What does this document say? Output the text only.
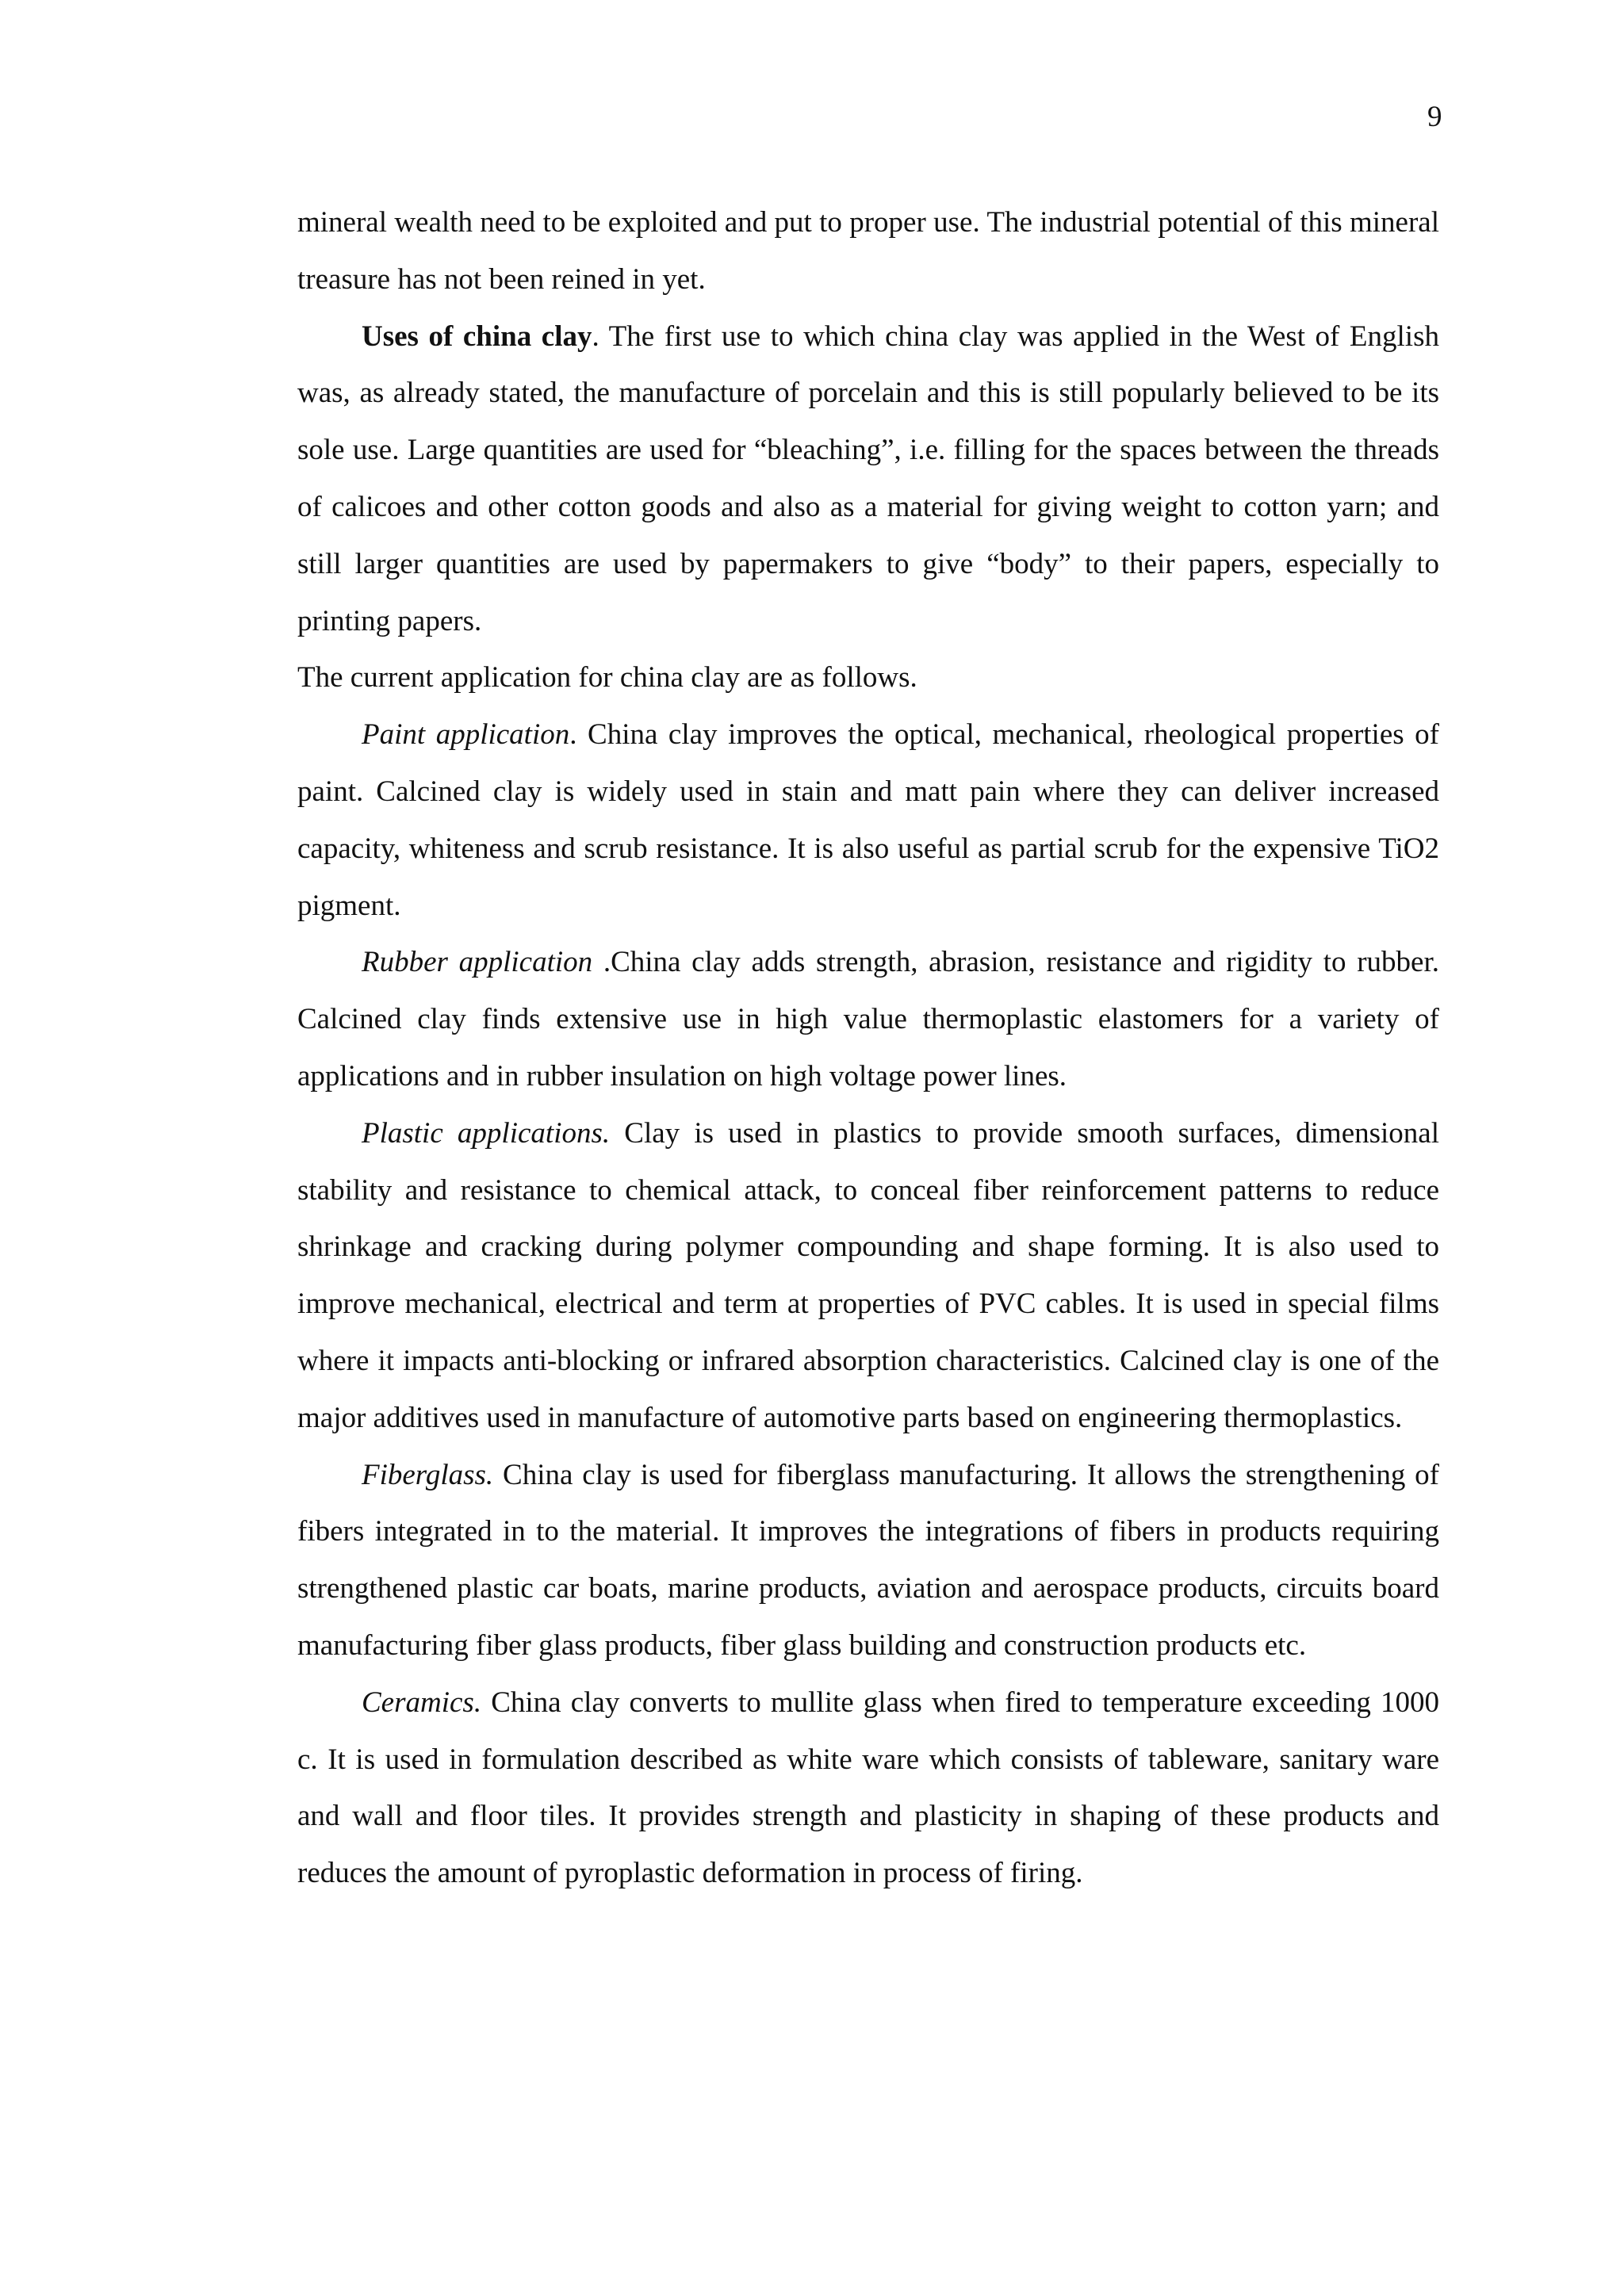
9

mineral wealth need to be exploited and put to proper use. The industrial potential of this mineral treasure has not been reined in yet.

Uses of china clay. The first use to which china clay was applied in the West of English was, as already stated, the manufacture of porcelain and this is still popularly believed to be its sole use. Large quantities are used for “bleaching”, i.e. filling for the spaces between the threads of calicoes and other cotton goods and also as a material for giving weight to cotton yarn; and still larger quantities are used by papermakers to give “body” to their papers, especially to printing papers.

The current application for china clay are as follows.

Paint application. China clay improves the optical, mechanical, rheological properties of paint. Calcined clay is widely used in stain and matt pain where they can deliver increased capacity, whiteness and scrub resistance. It is also useful as partial scrub for the expensive TiO2 pigment.

Rubber application .China clay adds strength, abrasion, resistance and rigidity to rubber. Calcined clay finds extensive use in high value thermoplastic elastomers for a variety of applications and in rubber insulation on high voltage power lines.

Plastic applications. Clay is used in plastics to provide smooth surfaces, dimensional stability and resistance to chemical attack, to conceal fiber reinforcement patterns to reduce shrinkage and cracking during polymer compounding and shape forming. It is also used to improve mechanical, electrical and term at properties of PVC cables. It is used in special films where it impacts anti-blocking or infrared absorption characteristics. Calcined clay is one of the major additives used in manufacture of automotive parts based on engineering thermoplastics.

Fiberglass. China clay is used for fiberglass manufacturing. It allows the strengthening of fibers integrated in to the material. It improves the integrations of fibers in products requiring strengthened plastic car boats, marine products, aviation and aerospace products, circuits board manufacturing fiber glass products, fiber glass building and construction products etc.

Ceramics. China clay converts to mullite glass when fired to temperature exceeding 1000 c. It is used in formulation described as white ware which consists of tableware, sanitary ware and wall and floor tiles. It provides strength and plasticity in shaping of these products and reduces the amount of pyroplastic deformation in process of firing.
